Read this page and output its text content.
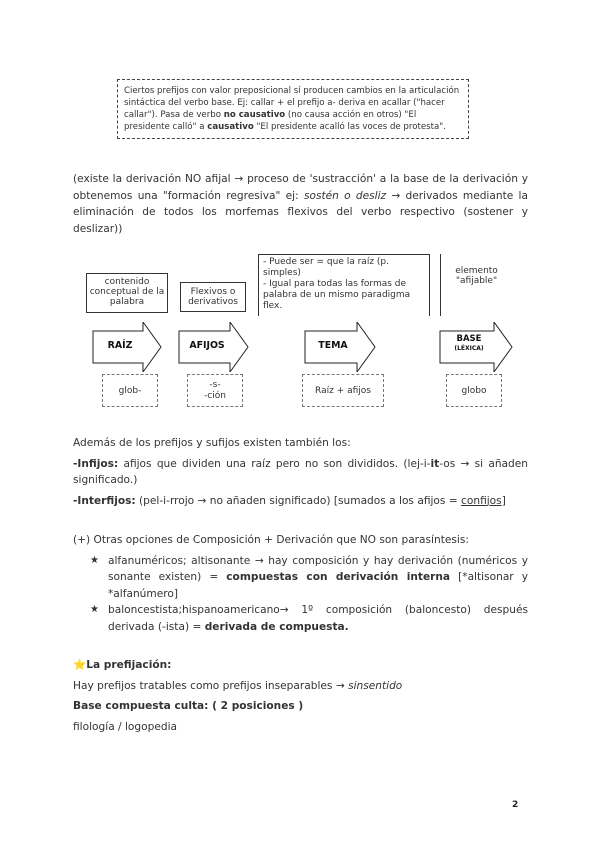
Ciertos prefijos con valor preposicional sí producen cambios en la articulación sintáctica del verbo base. Ej: callar + el prefijo a- deriva en acallar ("hacer callar"). Pasa de verbo no causativo (no causa acción en otros) "El presidente calló" a causativo "El presidente acalló las voces de protesta".
(existe la derivación NO afijal → proceso de 'sustracción' a la base de la derivación y obtenemos una "formación regresiva" ej: sostén o desliz → derivados mediante la eliminación de todos los morfemas flexivos del verbo respectivo (sostener y deslizar))
contenido conceptual de la palabra
Flexivos o derivativos
- Puede ser = que la raíz (p. simples)
- Igual para todas las formas de palabra de un mismo paradigma flex.
elemento "afijable"
RAÍZ	AFIJOS	TEMA
BASE
(LÉXICA)
glob-
-s-
-ción	Raíz + afijos	globo
Además de los prefijos y sufijos existen también los:
-Infijos: afijos que dividen una raíz pero no son divididos. (lej-i-it-os → si añaden significado.)
-Interfijos: (pel-i-rrojo → no añaden significado) [sumados a los afijos = confijos]
(+) Otras opciones de Composición + Derivación que NO son parasíntesis:
★ alfanuméricos; altisonante → hay composición y hay derivación (numéricos y sonante existen) = compuestas con derivación interna [*altisonar y *alfanúmero]
★ baloncestista;hispanoamericano→ 1º composición (baloncesto) después derivada (-ista) = derivada de compuesta.
⭐La prefijación:
Hay prefijos tratables como prefijos inseparables → sinsentido
Base compuesta culta: ( 2 posiciones )
filología / logopedia
2
